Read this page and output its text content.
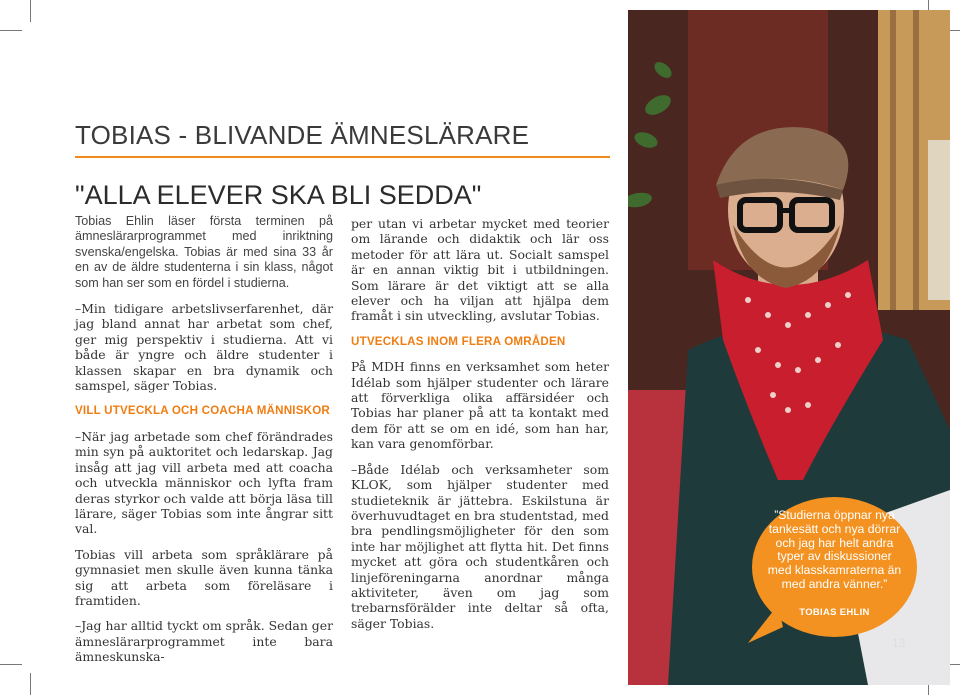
TOBIAS - BLIVANDE ÄMNESLÄRARE
"ALLA ELEVER SKA BLI SEDDA"

Tobias Ehlin läser första terminen på ämneslärarprogrammet med inriktning svenska/engelska. Tobias är med sina 33 år en av de äldre studenterna i sin klass, något som han ser som en fördel i studierna.

–Min tidigare arbetslivserfarenhet, där jag bland annat har arbetat som chef, ger mig perspektiv i studierna. Att vi både är yngre och äldre studenter i klassen skapar en bra dynamik och samspel, säger Tobias.

VILL UTVECKLA OCH COACHA MÄNNISKOR

–När jag arbetade som chef förändrades min syn på auktoritet och ledarskap. Jag insåg att jag vill arbeta med att coacha och utveckla människor och lyfta fram deras styrkor och valde att börja läsa till lärare, säger Tobias som inte ångrar sitt val.

Tobias vill arbeta som språklärare på gymnasiet men skulle även kunna tänka sig att arbeta som föreläsare i framtiden.

–Jag har alltid tyckt om språk. Sedan ger ämneslärarprogrammet inte bara ämneskunska-

per utan vi arbetar mycket med teorier om lärande och didaktik och lär oss metoder för att lära ut. Socialt samspel är en annan viktig bit i utbildningen. Som lärare är det viktigt att se alla elever och ha viljan att hjälpa dem framåt i sin utveckling, avslutar Tobias.

UTVECKLAS INOM FLERA OMRÅDEN

På MDH finns en verksamhet som heter Idélab som hjälper studenter och lärare att förverkliga olika affärsidéer och Tobias har planer på att ta kontakt med dem för att se om en idé, som han har, kan vara genomförbar.

–Både Idélab och verksamheter som KLOK, som hjälper studenter med studieteknik är jättebra. Eskilstuna är överhuvudtaget en bra studentstad, med bra pendlingsmöjligheter för den som inte har möjlighet att flytta hit. Det finns mycket att göra och studentkåren och linjeföreningarna anordnar många aktiviteter, även om jag som trebarnsförälder inte deltar så ofta, säger Tobias.

”Studierna öppnar nya tankesätt och nya dörrar och jag har helt andra typer av diskussioner med klasskamraterna än med andra vänner.”
TOBIAS EHLIN
13
